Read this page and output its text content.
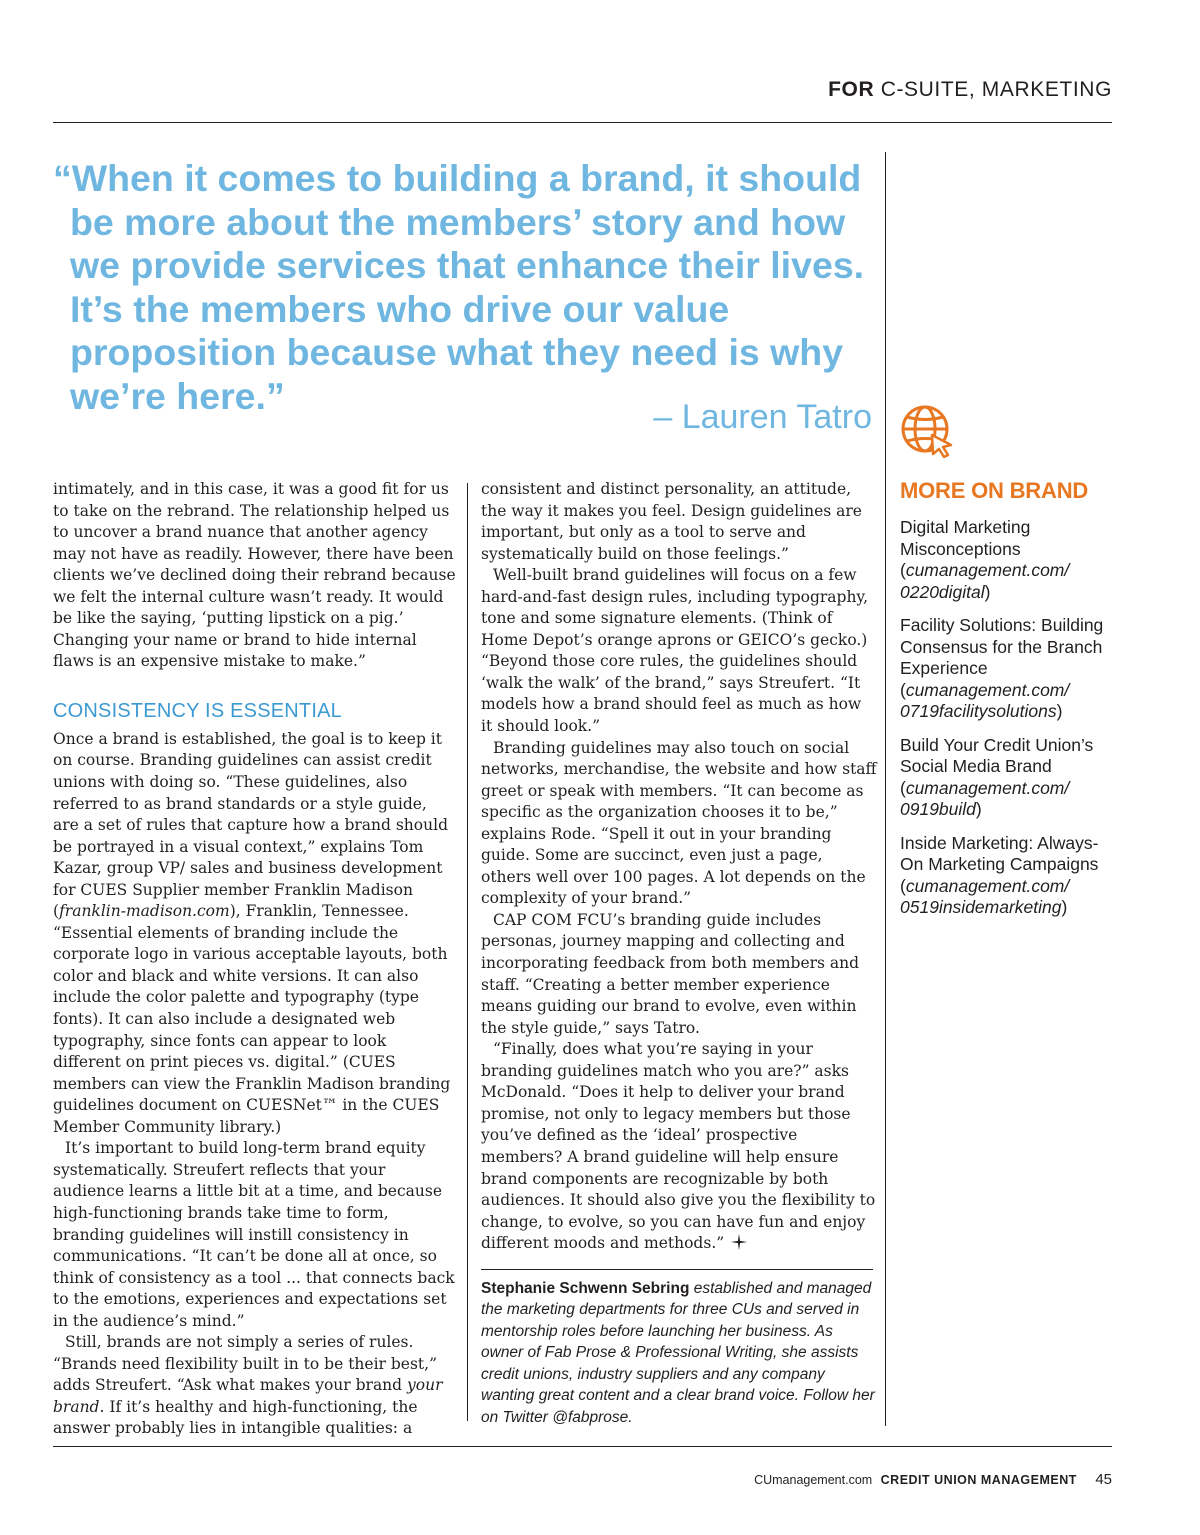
FOR C-SUITE, MARKETING
“When it comes to building a brand, it should be more about the members’ story and how we provide services that enhance their lives. It’s the members who drive our value proposition because what they need is why we’re here.”
– Lauren Tatro

intimately, and in this case, it was a good fit for us to take on the rebrand. The relationship helped us to uncover a brand nuance that another agency may not have as readily. However, there have been clients we’ve declined doing their rebrand because we felt the internal culture wasn’t ready. It would be like the saying, ‘putting lipstick on a pig.’ Changing your name or brand to hide internal flaws is an expensive mistake to make.”

CONSISTENCY IS ESSENTIAL

Once a brand is established, the goal is to keep it on course. Branding guidelines can assist credit unions with doing so. “These guidelines, also referred to as brand standards or a style guide, are a set of rules that capture how a brand should be portrayed in a visual context,” explains Tom Kazar, group VP/ sales and business development for CUES Supplier member Franklin Madison (franklin-madison.com), Franklin, Tennessee. “Essential elements of branding include the corporate logo in various acceptable layouts, both color and black and white versions. It can also include the color palette and typography (type fonts). It can also include a designated web typography, since fonts can appear to look different on print pieces vs. digital.” (CUES members can view the Franklin Madison branding guidelines document on CUESNet™ in the CUES Member Community library.)

It’s important to build long-term brand equity systematically. Streufert reflects that your audience learns a little bit at a time, and because high-functioning brands take time to form, branding guidelines will instill consistency in communications. “It can’t be done all at once, so think of consistency as a tool ... that connects back to the emotions, experiences and expectations set in the audience’s mind.”

Still, brands are not simply a series of rules. “Brands need flexibility built in to be their best,” adds Streufert. “Ask what makes your brand your brand. If it’s healthy and high-functioning, the answer probably lies in intangible qualities: a

consistent and distinct personality, an attitude, the way it makes you feel. Design guidelines are important, but only as a tool to serve and systematically build on those feelings.”

Well-built brand guidelines will focus on a few hard-and-fast design rules, including typography, tone and some signature elements. (Think of Home Depot’s orange aprons or GEICO’s gecko.) “Beyond those core rules, the guidelines should ‘walk the walk’ of the brand,” says Streufert. “It models how a brand should feel as much as how it should look.”

Branding guidelines may also touch on social networks, merchandise, the website and how staff greet or speak with members. “It can become as specific as the organization chooses it to be,” explains Rode. “Spell it out in your branding guide. Some are succinct, even just a page, others well over 100 pages. A lot depends on the complexity of your brand.”

CAP COM FCU’s branding guide includes personas, journey mapping and collecting and incorporating feedback from both members and staff. “Creating a better member experience means guiding our brand to evolve, even within the style guide,” says Tatro.

“Finally, does what you’re saying in your branding guidelines match who you are?” asks McDonald. “Does it help to deliver your brand promise, not only to legacy members but those you’ve defined as the ‘ideal’ prospective members? A brand guideline will help ensure brand components are recognizable by both audiences. It should also give you the flexibility to change, to evolve, so you can have fun and enjoy different moods and methods.”

Stephanie Schwenn Sebring established and managed the marketing departments for three CUs and served in mentorship roles before launching her business. As owner of Fab Prose & Professional Writing, she assists credit unions, industry suppliers and any company wanting great content and a clear brand voice. Follow her on Twitter @fabprose.

MORE ON BRAND
Digital Marketing Misconceptions
(cumanagement.com/ 0220digital)
Facility Solutions: Building Consensus for the Branch Experience
(cumanagement.com/ 0719facilitysolutions)
Build Your Credit Union’s Social Media Brand
(cumanagement.com/ 0919build)
Inside Marketing: Always-On Marketing Campaigns
(cumanagement.com/ 0519insidemarketing)
CUmanagement.com CREDIT UNION MANAGEMENT 45
